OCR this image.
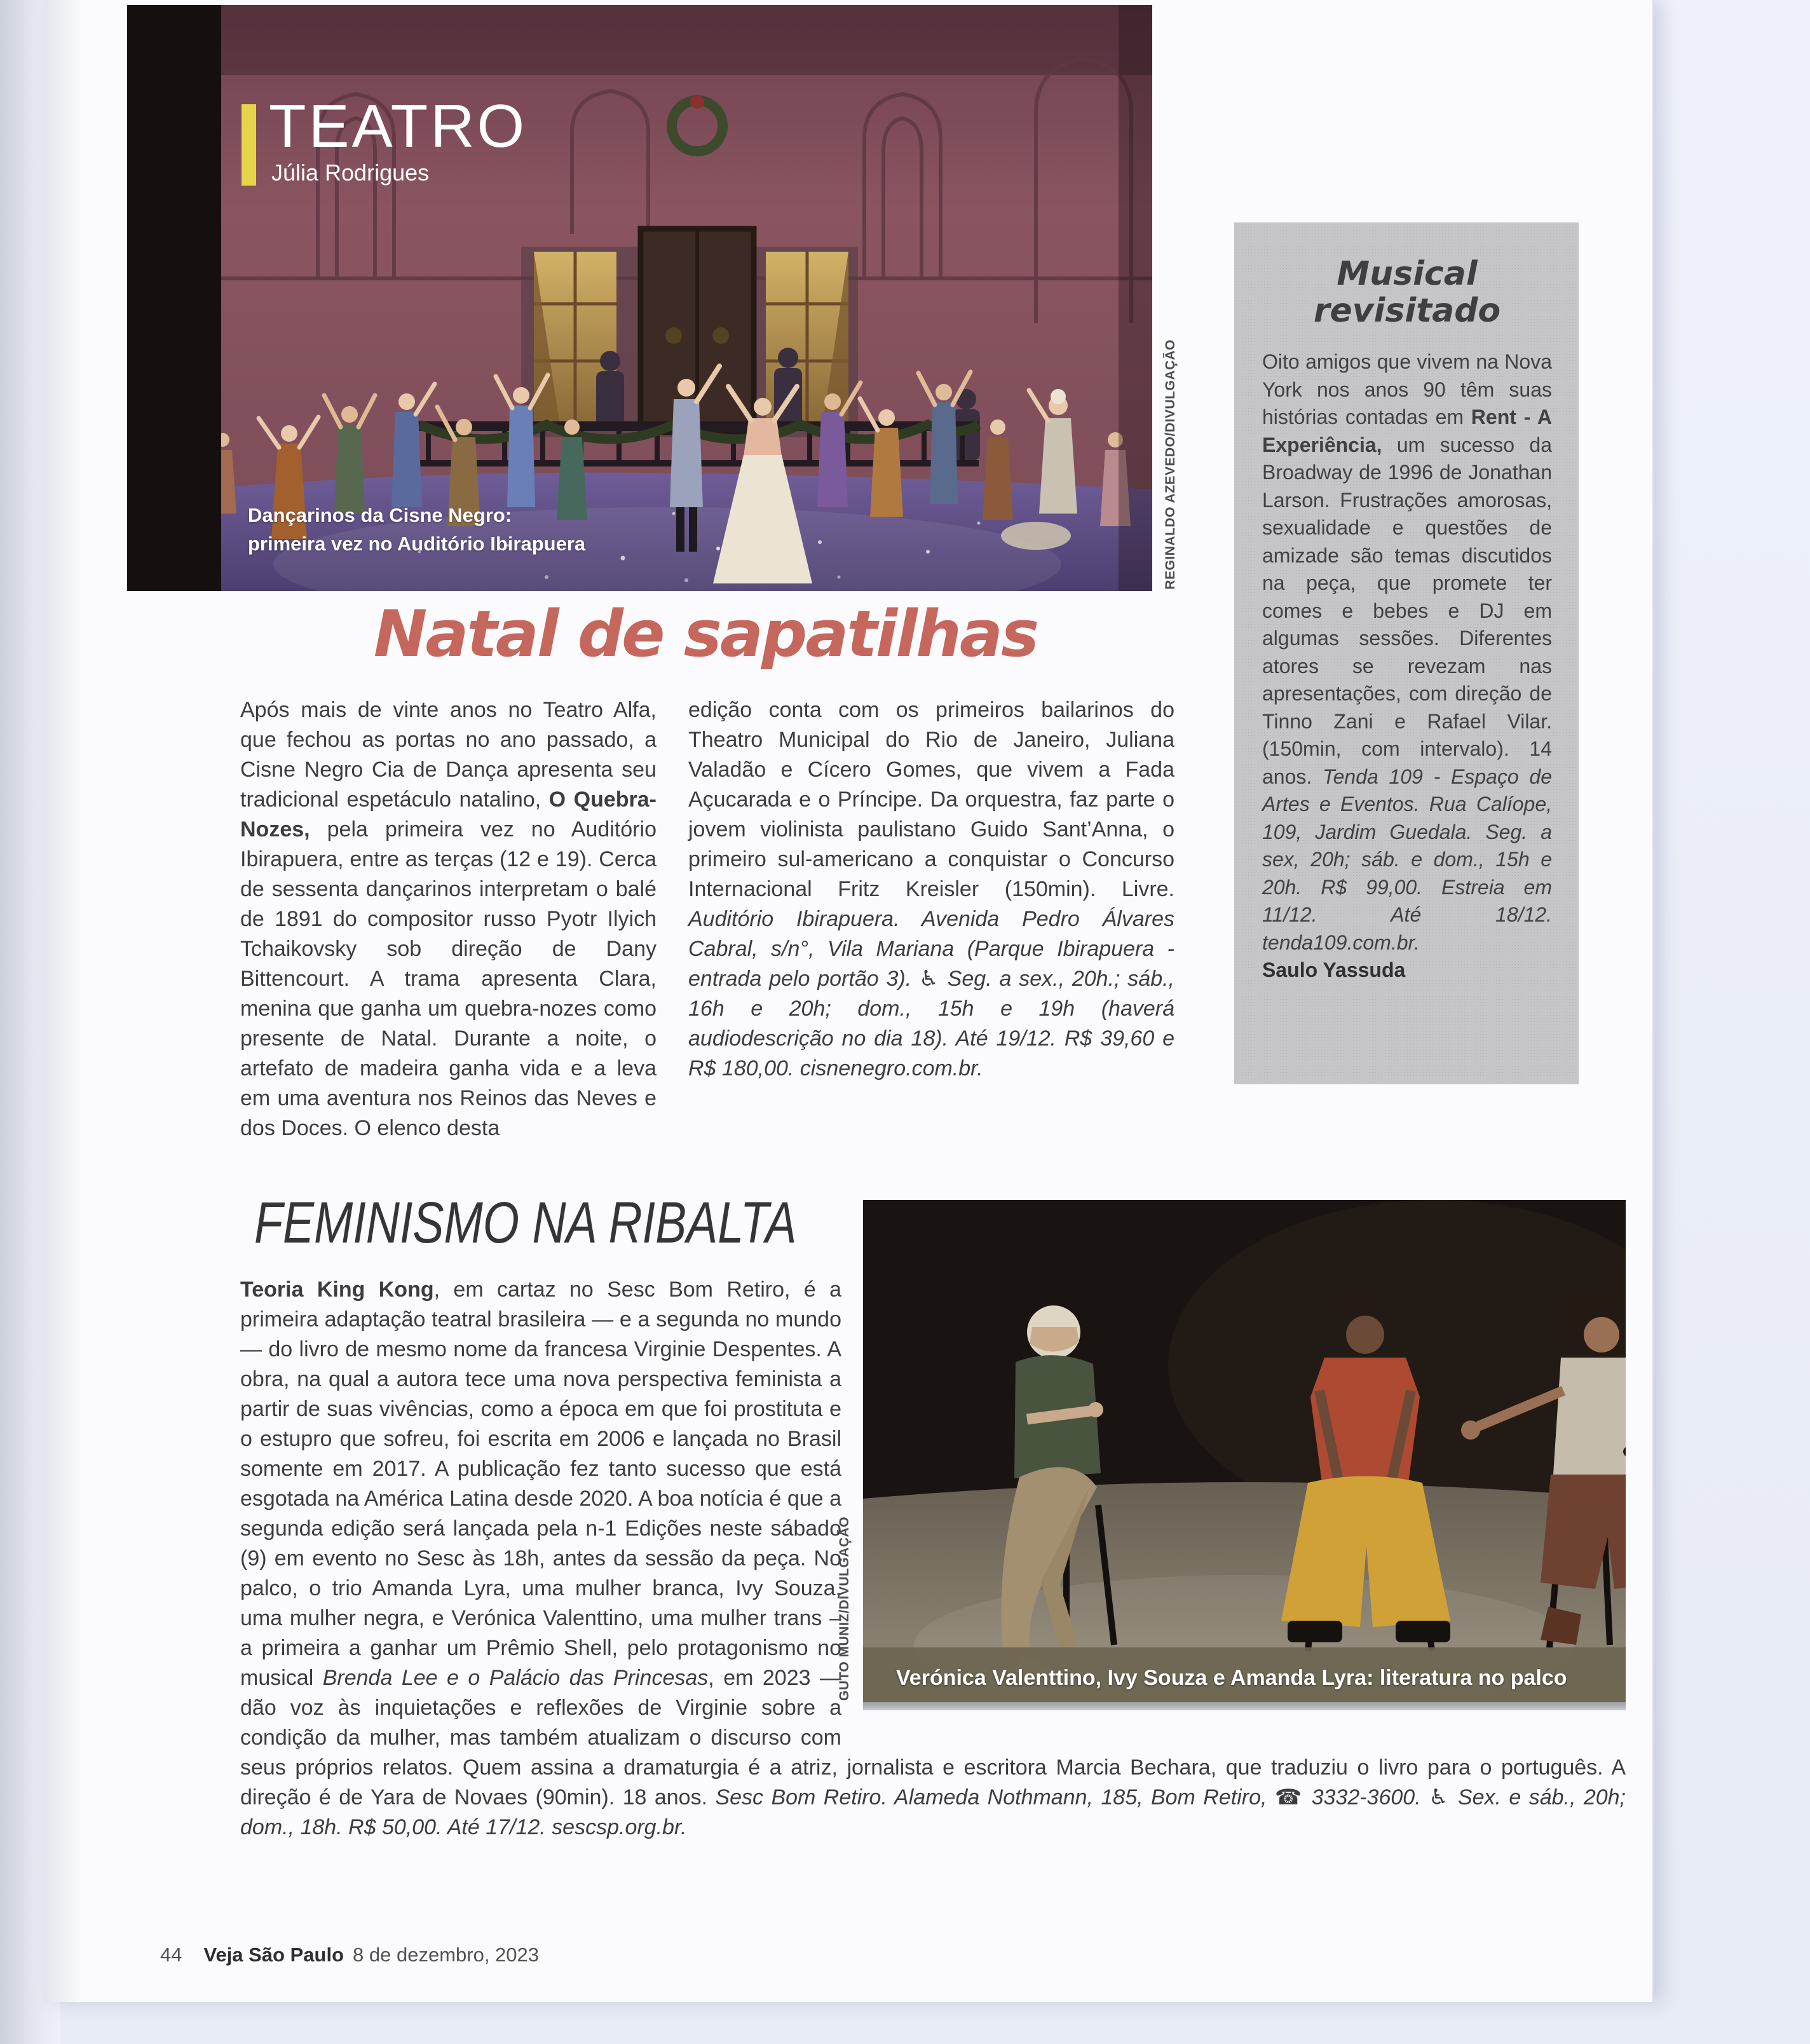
TEATRO
Júlia Rodrigues
Dançarinos da Cisne Negro:
primeira vez no Auditório Ibirapuera	REGINALDO AZEVEDO/DIVULGAÇÃO
Natal de sapatilhas
Após mais de vinte anos no Teatro Alfa, que fechou as portas no ano passado, a Cisne Negro Cia de Dança apresenta seu tradicional espetáculo natalino, O Quebra-Nozes, pela primeira vez no Auditório Ibirapuera, entre as terças (12 e 19). Cerca de sessenta dançarinos interpretam o balé de 1891 do compositor russo Pyotr Ilyich Tchaikovsky sob direção de Dany Bittencourt. A trama apresenta Clara, menina que ganha um quebra-nozes como presente de Natal. Durante a noite, o artefato de madeira ganha vida e a leva em uma aventura nos Reinos das Neves e dos Doces. O elenco desta
edição conta com os primeiros bailarinos do Theatro Municipal do Rio de Janeiro, Juliana Valadão e Cícero Gomes, que vivem a Fada Açucarada e o Príncipe. Da orquestra, faz parte o jovem violinista paulistano Guido Sant’Anna, o primeiro sul-americano a conquistar o Concurso Internacional Fritz Kreisler (150min). Livre. Auditório Ibirapuera. Avenida Pedro Álvares Cabral, s/n°, Vila Mariana (Parque Ibirapuera - entrada pelo portão 3). ♿ Seg. a sex., 20h.; sáb., 16h e 20h; dom., 15h e 19h (haverá audiodescrição no dia 18). Até 19/12. R$ 39,60 e R$ 180,00. cisnenegro.com.br.
Musical revisitado

Oito amigos que vivem na Nova York nos anos 90 têm suas histórias contadas em Rent - A Experiência, um sucesso da Broadway de 1996 de Jonathan Larson. Frustrações amorosas, sexualidade e questões de amizade são temas discutidos na peça, que promete ter comes e bebes e DJ em algumas sessões. Diferentes atores se revezam nas apresentações, com direção de Tinno Zani e Rafael Vilar. (150min, com intervalo). 14 anos. Tenda 109 - Espaço de Artes e Eventos. Rua Calíope, 109, Jardim Guedala. Seg. a sex, 20h; sáb. e dom., 15h e 20h. R$ 99,00. Estreia em 11/12. Até 18/12. tenda109.com.br.

Saulo Yassuda
FEMINISMO NA RIBALTA
Verónica Valenttino, Ivy Souza e Amanda Lyra: literatura no palco
Teoria King Kong, em cartaz no Sesc Bom Retiro, é a primeira adaptação teatral brasileira — e a segunda no mundo — do livro de mesmo nome da francesa Virginie Despentes. A obra, na qual a autora tece uma nova perspectiva feminista a partir de suas vivências, como a época em que foi prostituta e o estupro que sofreu, foi escrita em 2006 e lançada no Brasil somente em 2017. A publicação fez tanto sucesso que está esgotada na América Latina desde 2020. A boa notícia é que a segunda edição será lançada pela n-1 Edições neste sábado (9) em evento no Sesc às 18h, antes da sessão da peça. No palco, o trio Amanda Lyra, uma mulher branca, Ivy Souza, uma mulher negra, e Verónica Valenttino, uma mulher trans – a primeira a ganhar um Prêmio Shell, pelo protagonismo no musical Brenda Lee e o Palácio das Princesas, em 2023 — dão voz às inquietações e reflexões de Virginie sobre a condição da mulher, mas também atualizam o discurso com seus próprios relatos. Quem assina a dramaturgia é a atriz, jornalista e escritora Marcia Bechara, que traduziu o livro para o português. A direção é de Yara de Novaes (90min). 18 anos. Sesc Bom Retiro. Alameda Nothmann, 185, Bom Retiro, ☎ 3332-3600. ♿ Sex. e sáb., 20h; dom., 18h. R$ 50,00. Até 17/12. sescsp.org.br.
GUTO MUNIZ/DIVULGAÇÃO
44 Veja São Paulo 8 de dezembro, 2023
